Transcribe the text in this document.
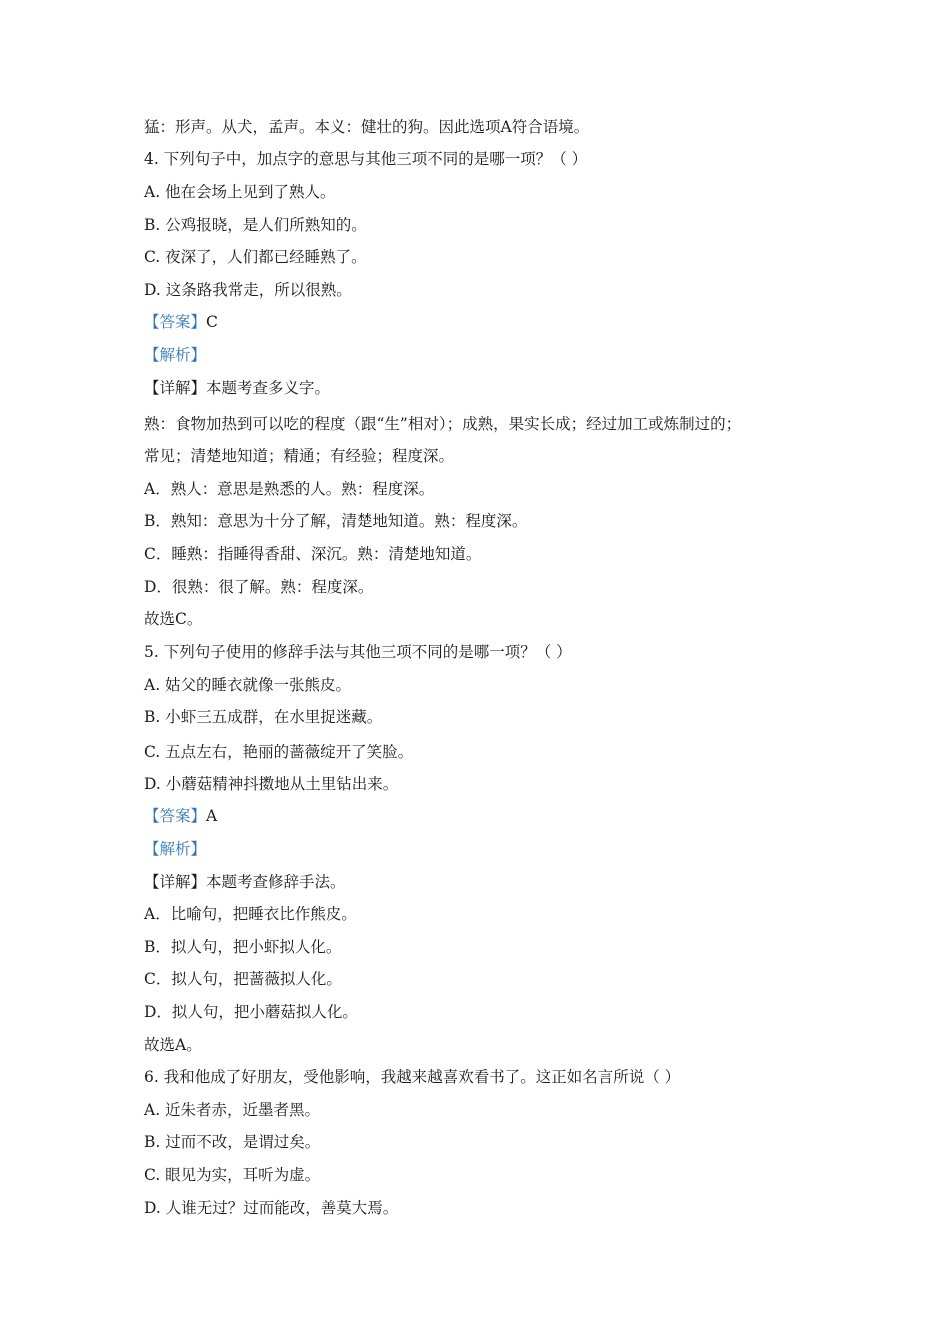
猛：形声。从犬，孟声。本义：健壮的狗。因此选项A符合语境。
4. 下列句子中，加点字的意思与其他三项不同的是哪一项？（ ）
A. 他在会场上见到了熟人。
B. 公鸡报晓，是人们所熟知的。
C. 夜深了，人们都已经睡熟了。
D. 这条路我常走，所以很熟。
【答案】C
【解析】
【详解】本题考查多义字。
熟：食物加热到可以吃的程度（跟“生”相对）；成熟，果实长成；经过加工或炼制过的；
常见；清楚地知道；精通；有经验；程度深。
A．熟人：意思是熟悉的人。熟：程度深。
B．熟知：意思为十分了解，清楚地知道。熟：程度深。
C．睡熟：指睡得香甜、深沉。熟：清楚地知道。
D．很熟：很了解。熟：程度深。
故选C。
5. 下列句子使用的修辞手法与其他三项不同的是哪一项？（ ）
A. 姑父的睡衣就像一张熊皮。
B. 小虾三五成群，在水里捉迷藏。
C. 五点左右，艳丽的蔷薇绽开了笑脸。
D. 小蘑菇精神抖擞地从土里钻出来。
【答案】A
【解析】
【详解】本题考查修辞手法。
A．比喻句，把睡衣比作熊皮。
B．拟人句，把小虾拟人化。
C．拟人句，把蔷薇拟人化。
D．拟人句，把小蘑菇拟人化。
故选A。
6. 我和他成了好朋友，受他影响，我越来越喜欢看书了。这正如名言所说（ ）
A. 近朱者赤，近墨者黑。
B. 过而不改，是谓过矣。
C. 眼见为实，耳听为虚。
D. 人谁无过？过而能改，善莫大焉。
